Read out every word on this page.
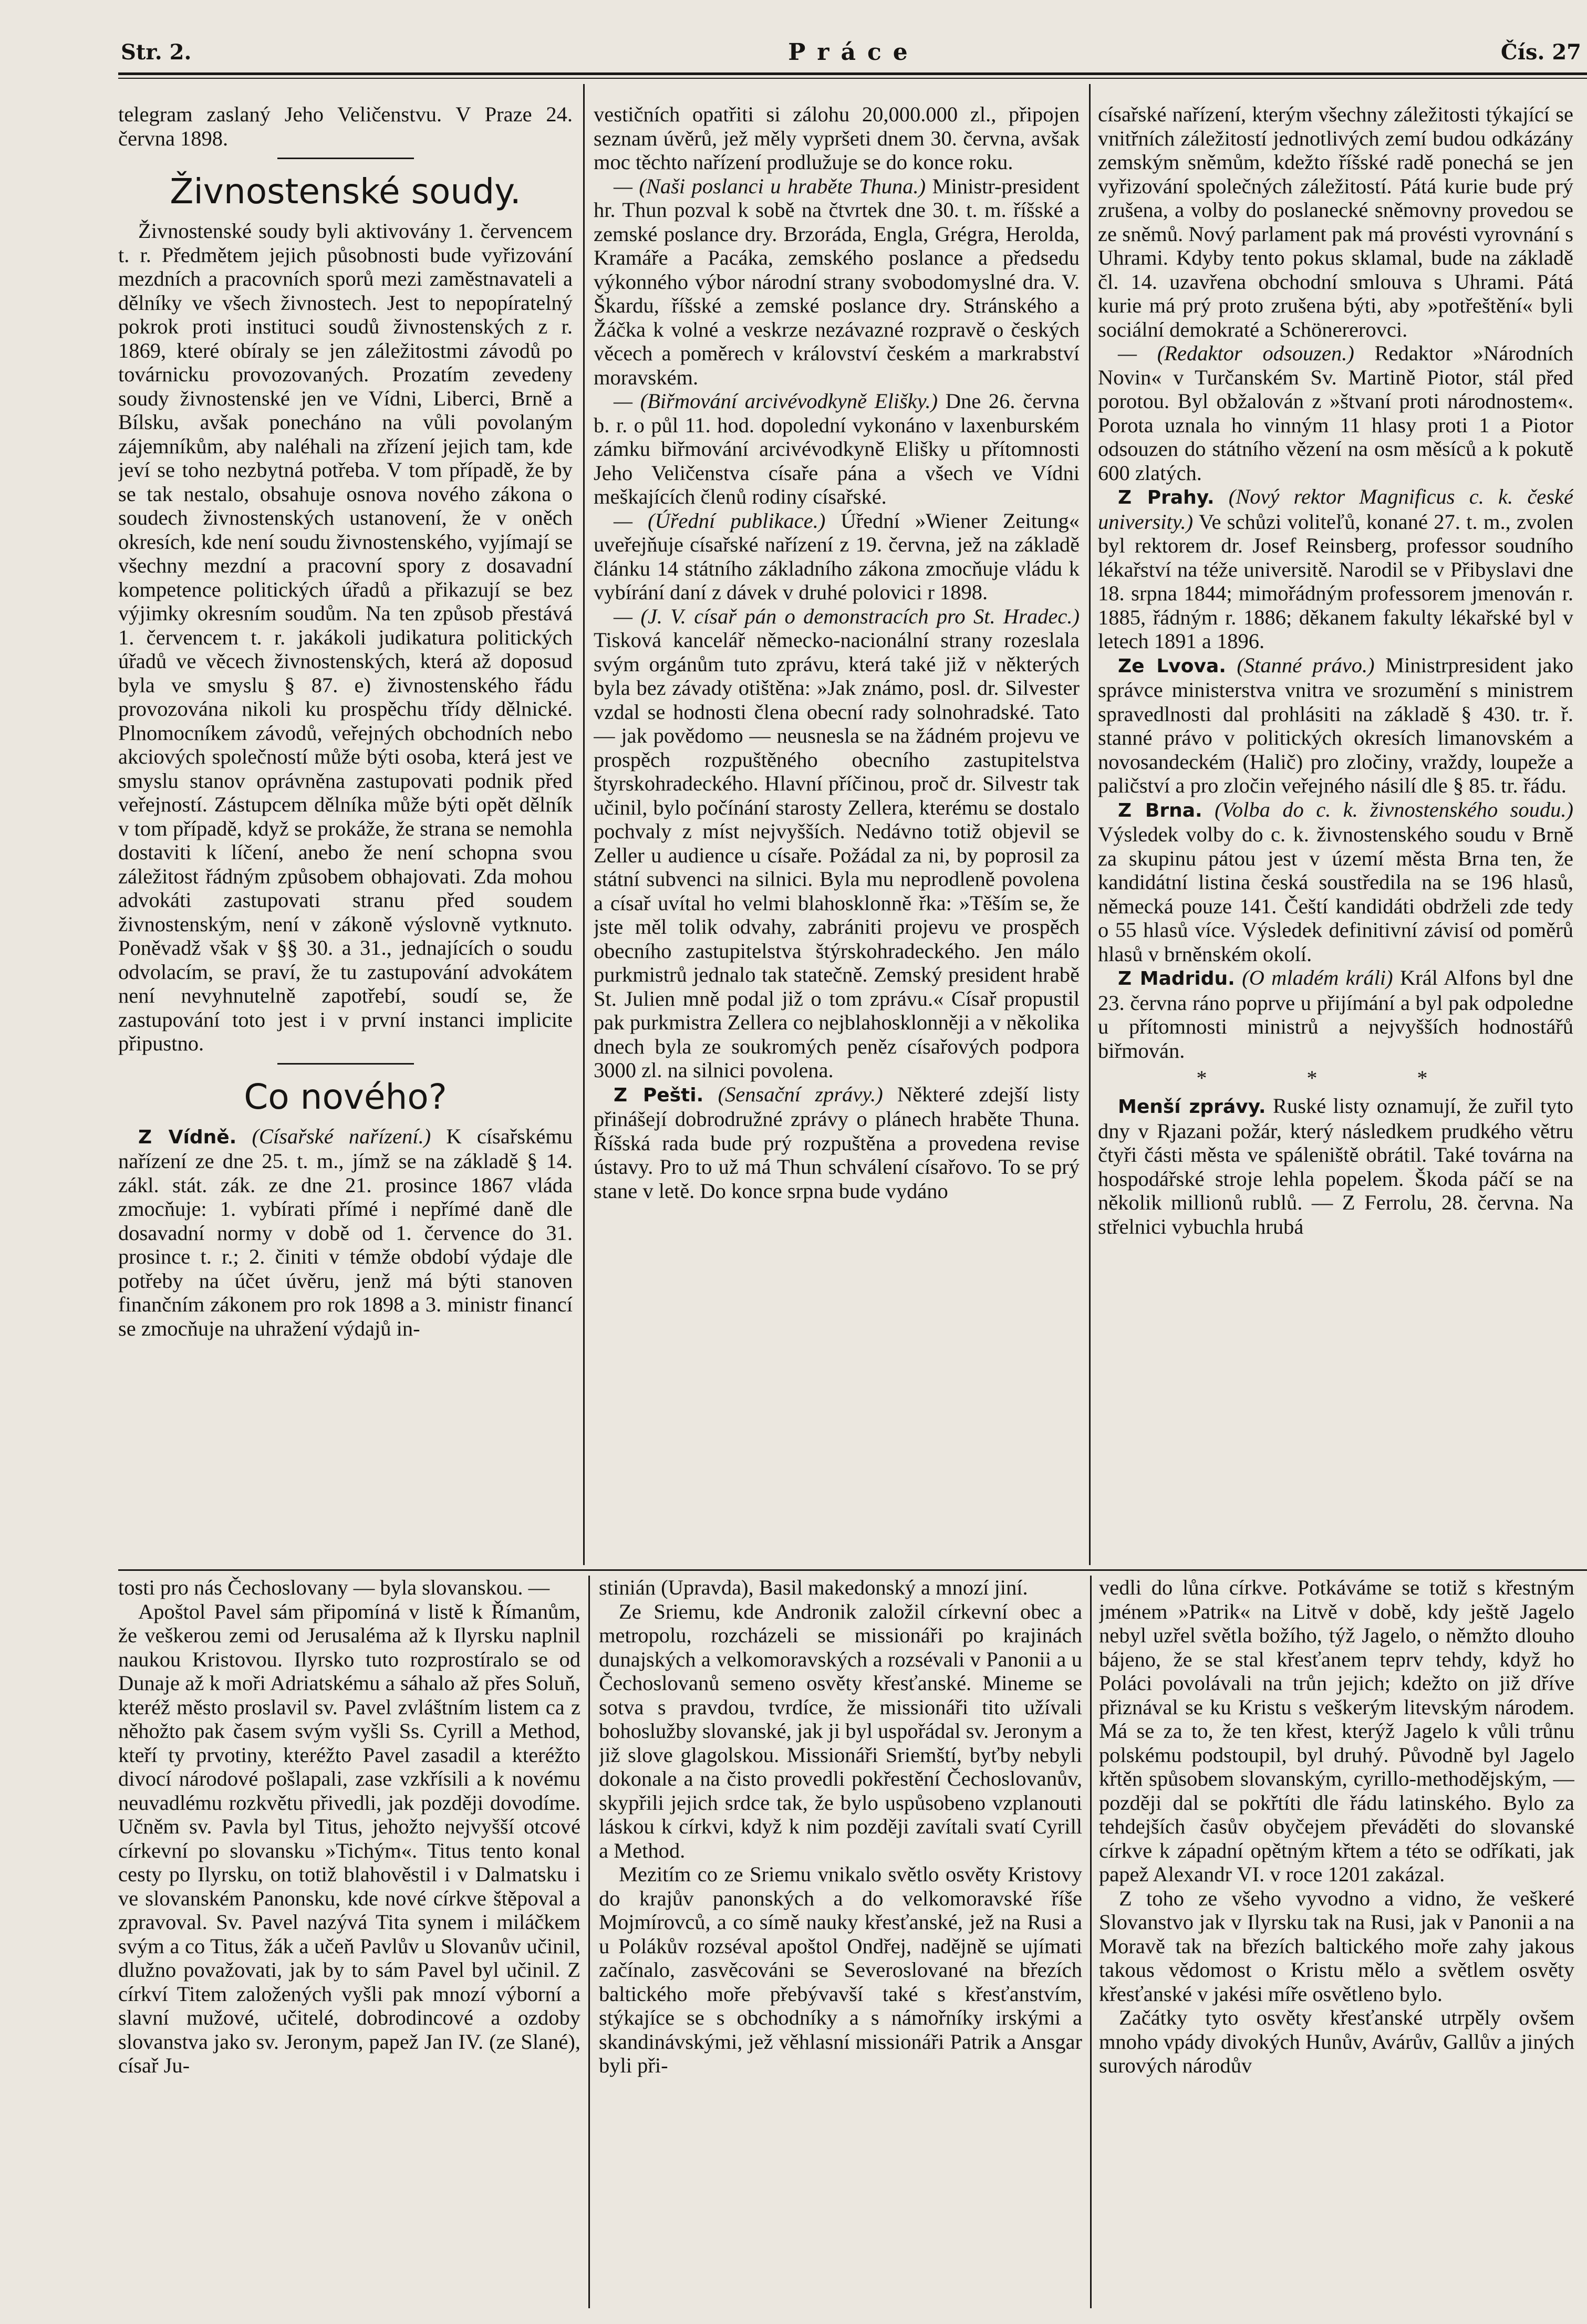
Práce
Str. 2.	Čís. 27

telegram zaslaný Jeho Veličenstvu. V Praze 24. června 1898.

Živnostenské soudy.

Živnostenské soudy byli aktivovány 1. červencem t. r. Předmětem jejich působnosti bude vyřizování mezdních a pracovních sporů mezi zaměstnavateli a dělníky ve všech živnostech. Jest to nepopíratelný pokrok proti instituci soudů živnostenských z r. 1869, které obíraly se jen záležitostmi závodů po továrnicku provozovaných. Prozatím zevedeny soudy živnostenské jen ve Vídni, Liberci, Brně a Bílsku, avšak ponecháno na vůli povolaným zájemníkům, aby naléhali na zřízení jejich tam, kde jeví se toho nezbytná potřeba. V tom případě, že by se tak nestalo, obsahuje osnova nového zákona o soudech živnostenských ustanovení, že v oněch okresích, kde není soudu živnostenského, vyjímají se všechny mezdní a pracovní spory z dosavadní kompetence politických úřadů a přikazují se bez výjimky okresním soudům. Na ten způsob přestává 1. červencem t. r. jakákoli judikatura politických úřadů ve věcech živnostenských, která až doposud byla ve smyslu § 87. e) živnostenského řádu provozována nikoli ku prospěchu třídy dělnické. Plnomocníkem závodů, veřejných obchodních nebo akciových společností může býti osoba, která jest ve smyslu stanov oprávněna zastupovati podnik před veřejností. Zástupcem dělníka může býti opět dělník v tom případě, když se prokáže, že strana se nemohla dostaviti k líčení, anebo že není schopna svou záležitost řádným způsobem obhajovati. Zda mohou advokáti zastupovati stranu před soudem živnostenským, není v zákoně výslovně vytknuto. Poněvadž však v §§ 30. a 31., jednajících o soudu odvolacím, se praví, že tu zastupování advokátem není nevyhnutelně zapotřebí, soudí se, že zastupování toto jest i v první instanci implicite připustno.

Co nového?

Z Vídně. (Císařské nařízení.) K císařskému nařízení ze dne 25. t. m., jímž se na základě § 14. zákl. stát. zák. ze dne 21. prosince 1867 vláda zmocňuje: 1. vybírati přímé i nepřímé daně dle dosavadní normy v době od 1. července do 31. prosince t. r.; 2. činiti v témže období výdaje dle potřeby na účet úvěru, jenž má býti stanoven finančním zákonem pro rok 1898 a 3. ministr financí se zmocňuje na uhražení výdajů in-

vestičních opatřiti si zálohu 20,000.000 zl., připojen seznam úvěrů, jež měly vypršeti dnem 30. června, avšak moc těchto nařízení prodlužuje se do konce roku.

— (Naši poslanci u hraběte Thuna.) Ministr-president hr. Thun pozval k sobě na čtvrtek dne 30. t. m. říšské a zemské poslance dry. Brzoráda, Engla, Grégra, Herolda, Kramáře a Pacáka, zemského poslance a předsedu výkonného výbor národní strany svobodomyslné dra. V. Škardu, říšské a zemské poslance dry. Stránského a Žáčka k volné a veskrze nezávazné rozpravě o českých věcech a poměrech v království českém a markrabství moravském.

— (Biřmování arcivévodkyně Elišky.) Dne 26. června b. r. o půl 11. hod. dopolední vykonáno v laxenburském zámku biřmování arcivévodkyně Elišky u přítomnosti Jeho Veličenstva císaře pána a všech ve Vídni meškajících členů rodiny císařské.

— (Úřední publikace.) Úřední »Wiener Zeitung« uveřejňuje císařské nařízení z 19. června, jež na základě článku 14 státního základního zákona zmocňuje vládu k vybírání daní z dávek v druhé polovici r 1898.

— (J. V. císař pán o demonstracích pro St. Hradec.) Tisková kancelář německo-nacionální strany rozeslala svým orgánům tuto zprávu, která také již v některých byla bez závady otištěna: »Jak známo, posl. dr. Silvester vzdal se hodnosti člena obecní rady solnohradské. Tato — jak povědomo — neusnesla se na žádném projevu ve prospěch rozpuštěného obecního zastupitelstva štyrskohradeckého. Hlavní příčinou, proč dr. Silvestr tak učinil, bylo počínání starosty Zellera, kterému se dostalo pochvaly z míst nejvyšších. Nedávno totiž objevil se Zeller u audience u císaře. Požádal za ni, by poprosil za státní subvenci na silnici. Byla mu neprodleně povolena a císař uvítal ho velmi blahosklonně řka: »Těším se, že jste měl tolik odvahy, zabrániti projevu ve prospěch obecního zastupitelstva štýrskohradeckého. Jen málo purkmistrů jednalo tak statečně. Zemský president hrabě St. Julien mně podal již o tom zprávu.« Císař propustil pak purkmistra Zellera co nejblahosklonněji a v několika dnech byla ze soukromých peněz císařových podpora 3000 zl. na silnici povolena.

Z Pešti. (Sensační zprávy.) Některé zdejší listy přinášejí dobrodružné zprávy o plánech hraběte Thuna. Říšská rada bude prý rozpuštěna a provedena revise ústavy. Pro to už má Thun schválení císařovo. To se prý stane v letě. Do konce srpna bude vydáno

císařské nařízení, kterým všechny záležitosti týkající se vnitřních záležitostí jednotlivých zemí budou odkázány zemským sněmům, kdežto říšské radě ponechá se jen vyřizování společných záležitostí. Pátá kurie bude prý zrušena, a volby do poslanecké sněmovny provedou se ze sněmů. Nový parlament pak má provésti vyrovnání s Uhrami. Kdyby tento pokus sklamal, bude na základě čl. 14. uzavřena obchodní smlouva s Uhrami. Pátá kurie má prý proto zrušena býti, aby »potřeštění« byli sociální demokraté a Schönererovci.

— (Redaktor odsouzen.) Redaktor »Národních Novin« v Turčanském Sv. Martině Piotor, stál před porotou. Byl obžalován z »štvaní proti národnostem«. Porota uznala ho vinným 11 hlasy proti 1 a Piotor odsouzen do státního vězení na osm měsíců a k pokutě 600 zlatých.

Z Prahy. (Nový rektor Magnificus c. k. české university.) Ve schůzi voliteľů, konané 27. t. m., zvolen byl rektorem dr. Josef Reinsberg, professor soudního lékařství na téže universitě. Narodil se v Přibyslavi dne 18. srpna 1844; mimořádným professorem jmenován r. 1885, řádným r. 1886; děkanem fakulty lékařské byl v letech 1891 a 1896.

Ze Lvova. (Stanné právo.) Ministrpresident jako správce ministerstva vnitra ve srozumění s ministrem spravedlnosti dal prohlásiti na základě § 430. tr. ř. stanné právo v politických okresích limanovském a novosandeckém (Halič) pro zločiny, vraždy, loupeže a paličství a pro zločin veřejného násilí dle § 85. tr. řádu.

Z Brna. (Volba do c. k. živnostenského soudu.) Výsledek volby do c. k. živnostenského soudu v Brně za skupinu pátou jest v území města Brna ten, že kandidátní listina česká soustředila na se 196 hlasů, německá pouze 141. Čeští kandidáti obdrželi zde tedy o 55 hlasů více. Výsledek definitivní závisí od poměrů hlasů v brněnském okolí.

Z Madridu. (O mladém králi) Král Alfons byl dne 23. června ráno poprve u přijímání a byl pak odpoledne u přítomnosti ministrů a nejvyšších hodnostářů biřmován.

* * *

Menší zprávy. Ruské listy oznamují, že zuřil tyto dny v Rjazani požár, který následkem prudkého větru čtyři části města ve spáleniště obrátil. Také továrna na hospodářské stroje lehla popelem. Škoda páčí se na několik millionů rublů. — Z Ferrolu, 28. června. Na střelnici vybuchla hrubá

tosti pro nás Čechoslovany — byla slovanskou. —

Apoštol Pavel sám připomíná v listě k Římanům, že veškerou zemi od Jerusaléma až k Ilyrsku naplnil naukou Kristovou. Ilyrsko tuto rozprostíralo se od Dunaje až k moři Adriatskému a sáhalo až přes Soluň, kteréž město proslavil sv. Pavel zvláštním listem ca z něhožto pak časem svým vyšli Ss. Cyrill a Method, kteří ty prvotiny, kteréžto Pavel zasadil a kteréžto divocí národové pošlapali, zase vzkřísili a k novému neuvadlému rozkvětu přivedli, jak později dovodíme. Učněm sv. Pavla byl Titus, jehožto nejvyšší otcové církevní po slovansku »Tichým«. Titus tento konal cesty po Ilyrsku, on totiž blahověstil i v Dalmatsku i ve slovanském Panonsku, kde nové církve štěpoval a zpravoval. Sv. Pavel nazývá Tita synem i miláčkem svým a co Titus, žák a učeň Pavlův u Slovanův učinil, dlužno považovati, jak by to sám Pavel byl učinil. Z církví Titem založených vyšli pak mnozí výborní a slavní mužové, učitelé, dobrodincové a ozdoby slovanstva jako sv. Jeronym, papež Jan IV. (ze Slané), císař Ju-

stinián (Upravda), Basil makedonský a mnozí jiní.

Ze Sriemu, kde Andronik založil církevní obec a metropolu, rozcházeli se missionáři po krajinách dunajských a velkomoravských a rozsévali v Panonii a u Čechoslovanů semeno osvěty křesťanské. Mineme se sotva s pravdou, tvrdíce, že missionáři tito užívali bohoslužby slovanské, jak ji byl uspořádal sv. Jeronym a již slove glagolskou. Missionáři Sriemští, byťby nebyli dokonale a na čisto provedli pokřestění Čechoslovanův, skypřili jejich srdce tak, že bylo uspůsobeno vzplanouti láskou k církvi, když k nim později zavítali svatí Cyrill a Method.

Mezitím co ze Sriemu vnikalo světlo osvěty Kristovy do krajův panonských a do velkomoravské říše Mojmírovců, a co símě nauky křesťanské, jež na Rusi a u Polákův rozséval apoštol Ondřej, nadějně se ujímati začínalo, zasvěcováni se Severoslované na březích baltického moře přebývavší také s křesťanstvím, stýkajíce se s obchodníky a s námořníky irskými a skandinávskými, jež věhlasní missionáři Patrik a Ansgar byli při-

vedli do lůna církve. Potkáváme se totiž s křestným jménem »Patrik« na Litvě v době, kdy ještě Jagelo nebyl uzřel světla božího, týž Jagelo, o němžto dlouho bájeno, že se stal křesťanem teprv tehdy, když ho Poláci povolávali na trůn jejich; kdežto on již dříve přiznával se ku Kristu s veškerým litevským národem. Má se za to, že ten křest, kterýž Jagelo k vůli trůnu polskému podstoupil, byl druhý. Původně byl Jagelo křtěn spůsobem slovanským, cyrillo-methodějským, — později dal se pokřtíti dle řádu latinského. Bylo za tehdejších časův obyčejem převáděti do slovanské církve k západní opětným křtem a této se odříkati, jak papež Alexandr VI. v roce 1201 zakázal.

Z toho ze všeho vyvodno a vidno, že veškeré Slovanstvo jak v Ilyrsku tak na Rusi, jak v Panonii a na Moravě tak na březích baltického moře zahy jakous takous vědomost o Kristu mělo a světlem osvěty křesťanské v jakési míře osvětleno bylo.

Začátky tyto osvěty křesťanské utrpěly ovšem mnoho vpády divokých Hunův, Avárův, Gallův a jiných surových národův
